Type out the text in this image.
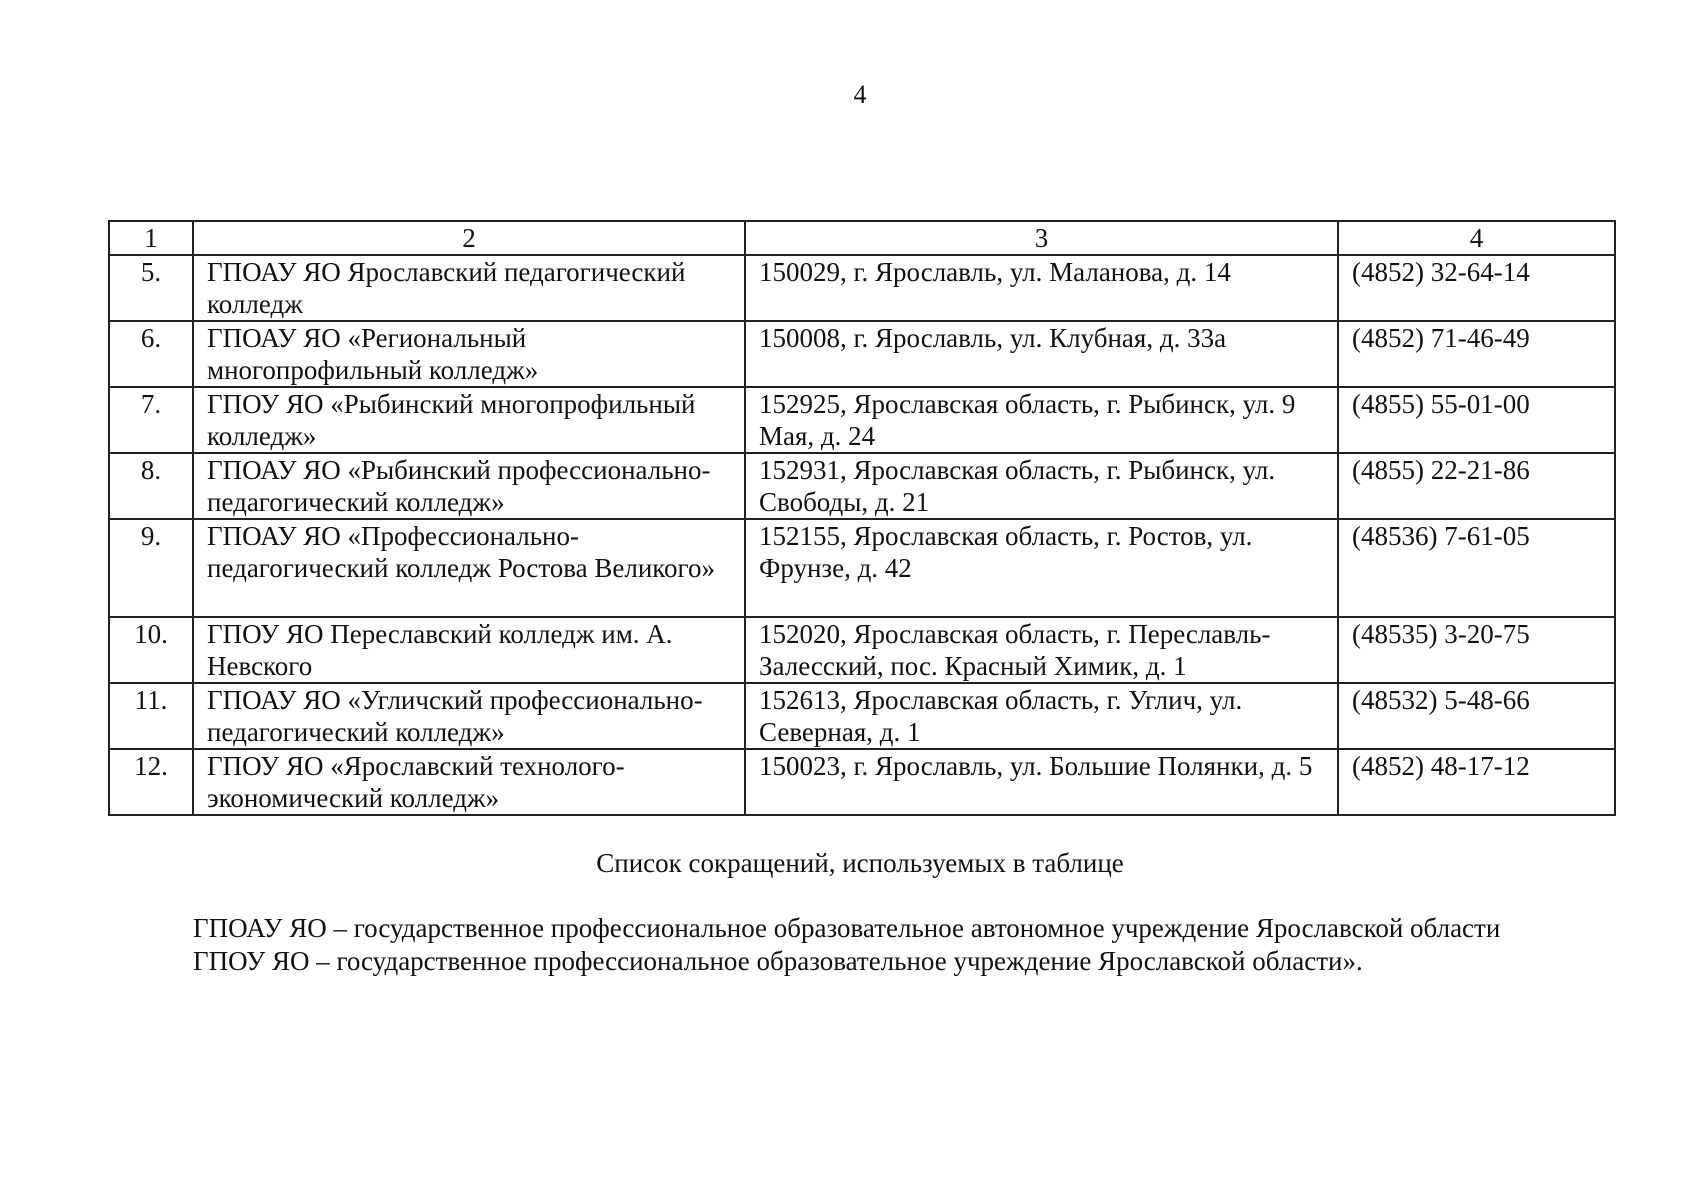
4
1	2	3	4
5.	ГПОАУ ЯО Ярославский педагогический колледж	150029, г. Ярославль, ул. Маланова, д. 14	(4852) 32-64-14
6.	ГПОАУ ЯО «Региональный многопрофильный колледж»	150008, г. Ярославль, ул. Клубная, д. 33а	(4852) 71-46-49
7.	ГПОУ ЯО «Рыбинский многопрофильный колледж»	152925, Ярославская область, г. Рыбинск, ул. 9 Мая, д. 24	(4855) 55-01-00
8.	ГПОАУ ЯО «Рыбинский профессионально-педагогический колледж»	152931, Ярославская область, г. Рыбинск, ул. Свободы, д. 21	(4855) 22-21-86
9.	ГПОАУ ЯО «Профессионально-педагогический колледж Ростова Великого»	152155, Ярославская область, г. Ростов, ул. Фрунзе, д. 42	(48536) 7-61-05
10.	ГПОУ ЯО Переславский колледж им. А. Невского	152020, Ярославская область, г. Переславль-Залесский, пос. Красный Химик, д. 1	(48535) 3-20-75
11.	ГПОАУ ЯО «Угличский профессионально-педагогический колледж»	152613, Ярославская область, г. Углич, ул. Северная, д. 1	(48532) 5-48-66
12.	ГПОУ ЯО «Ярославский технолого-экономический колледж»	150023, г. Ярославль, ул. Большие Полянки, д. 5	(4852) 48-17-12
Список сокращений, используемых в таблице
ГПОАУ ЯО – государственное профессиональное образовательное автономное учреждение Ярославской области
ГПОУ ЯО – государственное профессиональное образовательное учреждение Ярославской области».
